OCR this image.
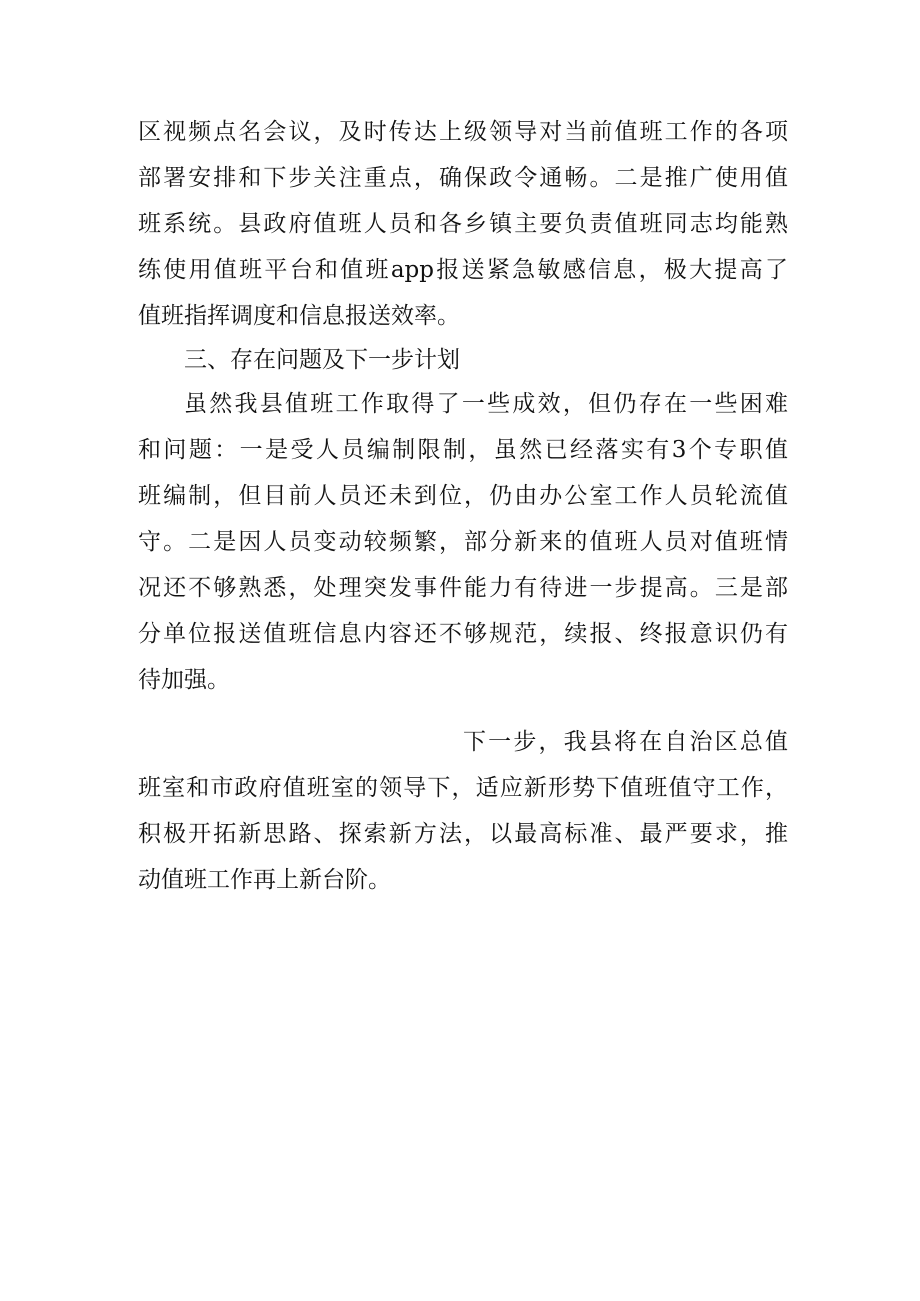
区视频点名会议，及时传达上级领导对当前值班工作的各项
部署安排和下步关注重点，确保政令通畅。二是推广使用值
班系统。县政府值班人员和各乡镇主要负责值班同志均能熟
练使用值班平台和值班app报送紧急敏感信息，极大提高了
值班指挥调度和信息报送效率。
三、存在问题及下一步计划
虽然我县值班工作取得了一些成效，但仍存在一些困难
和问题：一是受人员编制限制，虽然已经落实有3个专职值
班编制，但目前人员还未到位，仍由办公室工作人员轮流值
守。二是因人员变动较频繁，部分新来的值班人员对值班情
况还不够熟悉，处理突发事件能力有待进一步提高。三是部
分单位报送值班信息内容还不够规范，续报、终报意识仍有
待加强。
下一步，我县将在自治区总值
班室和市政府值班室的领导下，适应新形势下值班值守工作，
积极开拓新思路、探索新方法，以最高标准、最严要求，推
动值班工作再上新台阶。
